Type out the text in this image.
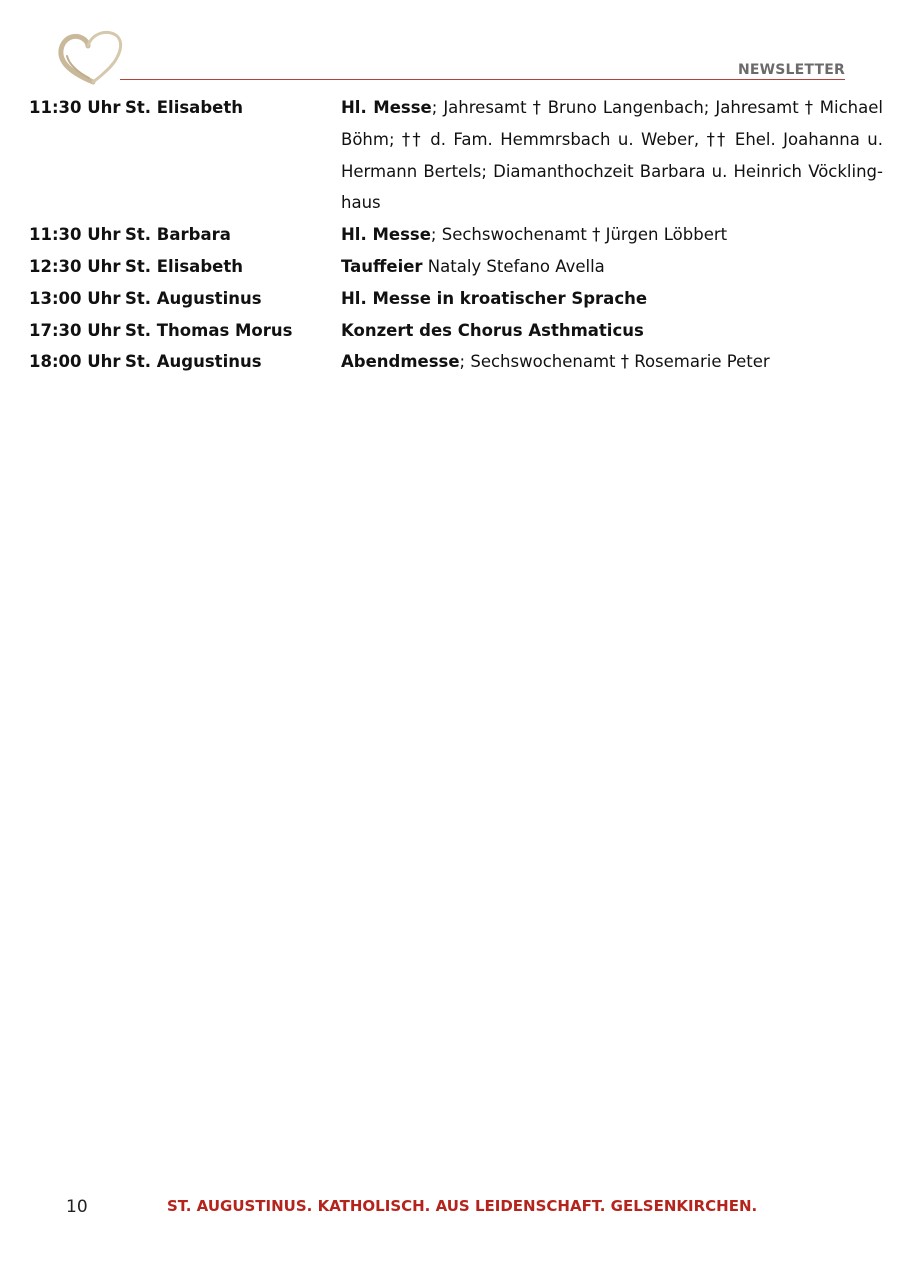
NEWSLETTER
11:30 Uhr St. Elisabeth	Hl. Messe; Jahresamt † Bruno Langenbach; Jahresamt † Michael Böhm; †† d. Fam. Hemmrsbach u. Weber, †† Ehel. Joahanna u. Hermann Bertels; Diamanthochzeit Barbara u. Heinrich Vöcklinghaus
11:30 Uhr St. Barbara	Hl. Messe; Sechswochenamt † Jürgen Löbbert
12:30 Uhr St. Elisabeth	Tauffeier Nataly Stefano Avella
13:00 Uhr St. Augustinus	Hl. Messe in kroatischer Sprache
17:30 Uhr St. Thomas Morus	Konzert des Chorus Asthmaticus
18:00 Uhr St. Augustinus	Abendmesse; Sechswochenamt † Rosemarie Peter
10	ST. AUGUSTINUS. KATHOLISCH. AUS LEIDENSCHAFT. GELSENKIRCHEN.
